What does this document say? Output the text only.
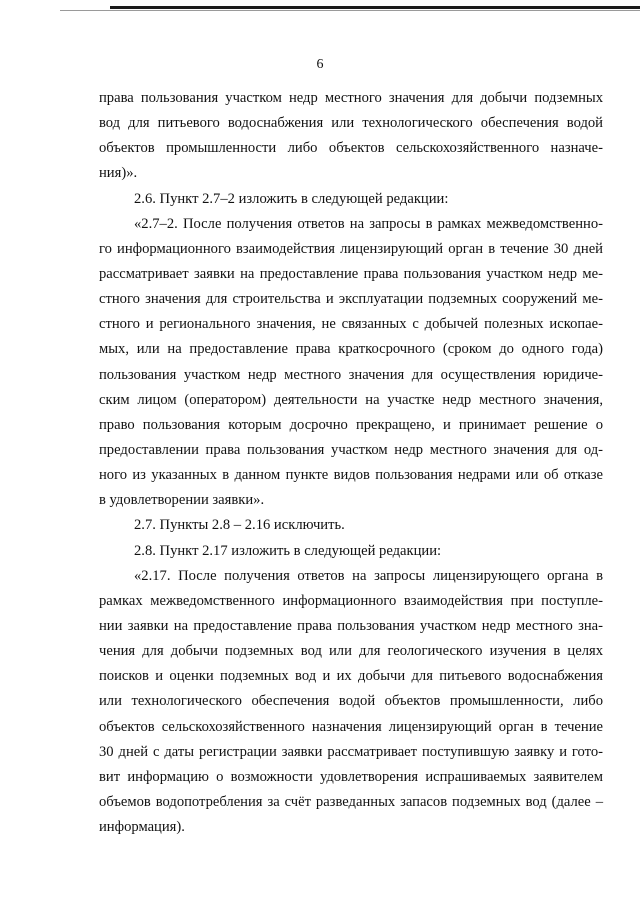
6
права пользования участком недр местного значения для добычи подземных
вод для питьевого водоснабжения или технологического обеспечения водой
объектов промышленности либо объектов сельскохозяйственного назначе-
ния)».
2.6. Пункт 2.7–2 изложить в следующей редакции:
«2.7–2. После получения ответов на запросы в рамках межведомственно-
го информационного взаимодействия лицензирующий орган в течение 30 дней
рассматривает заявки на предоставление права пользования участком недр ме-
стного значения для строительства и эксплуатации подземных сооружений ме-
стного и регионального значения, не связанных с добычей полезных ископае-
мых, или на предоставление права краткосрочного (сроком до одного года)
пользования участком недр местного значения для осуществления юридиче-
ским лицом (оператором) деятельности на участке недр местного значения,
право пользования которым досрочно прекращено, и принимает решение о
предоставлении права пользования участком недр местного значения для од-
ного из указанных в данном пункте видов пользования недрами или об отказе
в удовлетворении заявки».
2.7. Пункты 2.8 – 2.16 исключить.
2.8. Пункт 2.17 изложить в следующей редакции:
«2.17. После получения ответов на запросы лицензирующего органа в
рамках межведомственного информационного взаимодействия при поступле-
нии заявки на предоставление права пользования участком недр местного зна-
чения для добычи подземных вод или для геологического изучения в целях
поисков и оценки подземных вод и их добычи для питьевого водоснабжения
или технологического обеспечения водой объектов промышленности, либо
объектов сельскохозяйственного назначения лицензирующий орган в течение
30 дней с даты регистрации заявки рассматривает поступившую заявку и гото-
вит информацию о возможности удовлетворения испрашиваемых заявителем
объемов водопотребления за счёт разведанных запасов подземных вод (далее –
информация).
